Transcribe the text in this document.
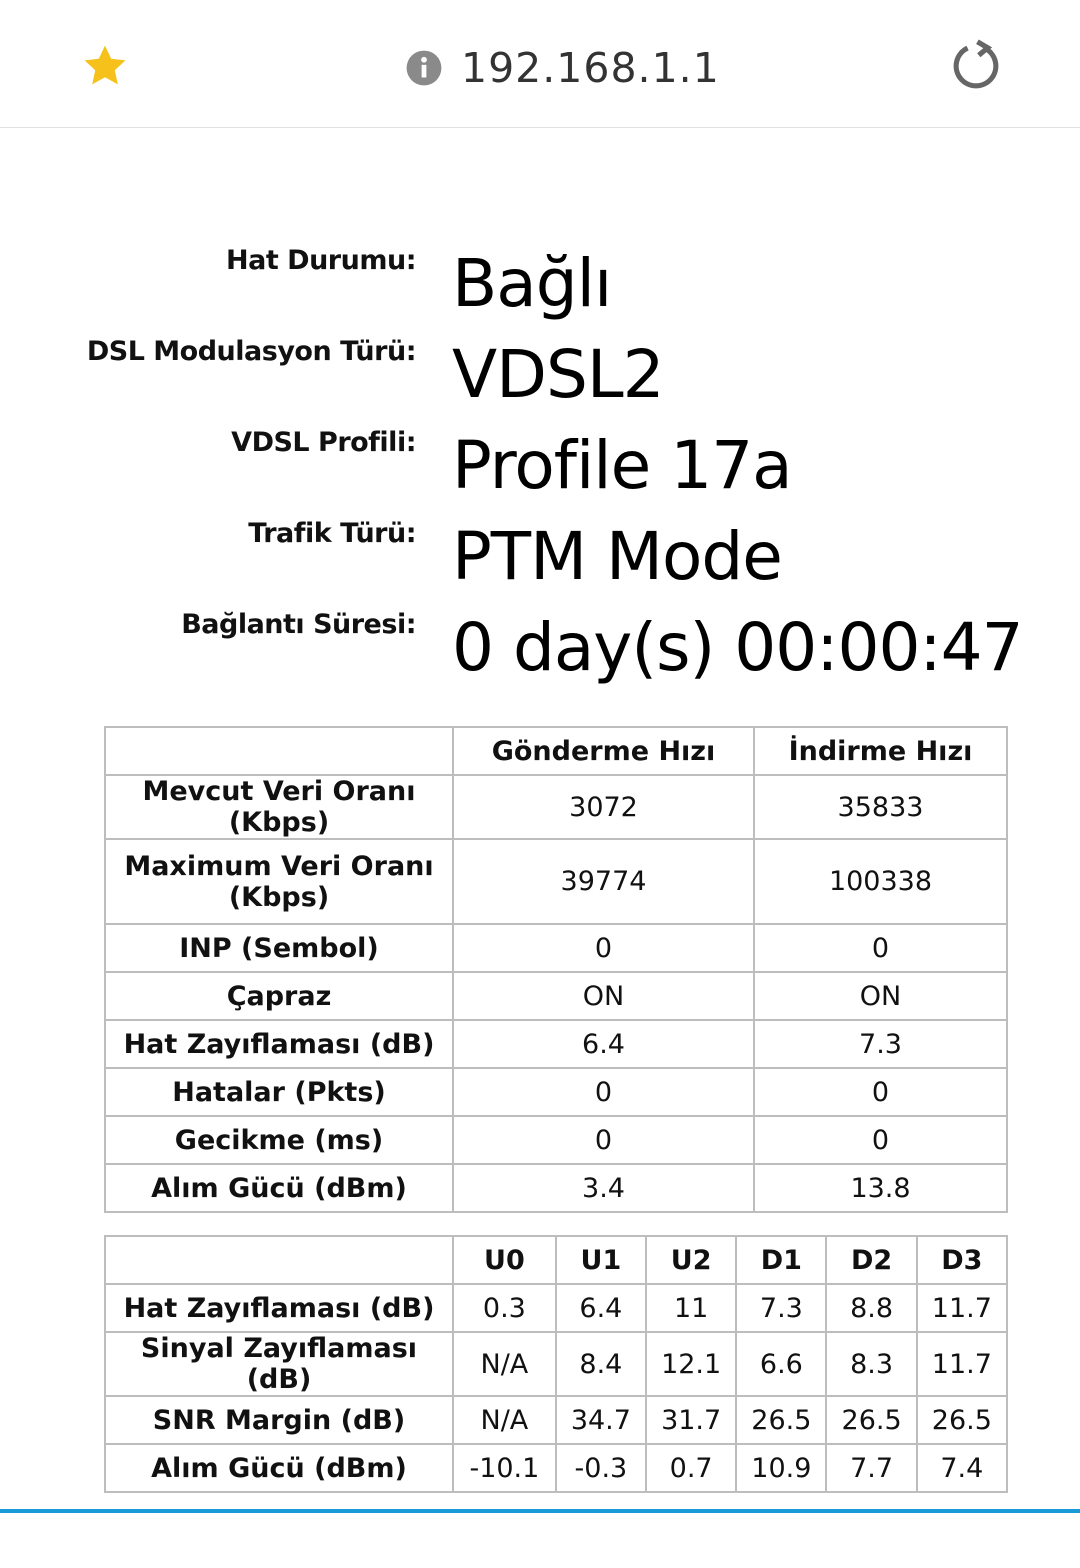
192.168.1.1
Hat Durumu: Bağlı
DSL Modulasyon Türü: VDSL2
VDSL Profili: Profile 17a
Trafik Türü: PTM Mode
Bağlantı Süresi: 0 day(s) 00:00:47
	Gönderme Hızı	İndirme Hızı
Mevcut Veri Oranı (Kbps)	3072	35833
Maximum Veri Oranı (Kbps)	39774	100338
INP (Sembol)	0	0
Çapraz	ON	ON
Hat Zayıflaması (dB)	6.4	7.3
Hatalar (Pkts)	0	0
Gecikme (ms)	0	0
Alım Gücü (dBm)	3.4	13.8
	U0	U1	U2	D1	D2	D3
Hat Zayıflaması (dB)	0.3	6.4	11	7.3	8.8	11.7
Sinyal Zayıflaması (dB)	N/A	8.4	12.1	6.6	8.3	11.7
SNR Margin (dB)	N/A	34.7	31.7	26.5	26.5	26.5
Alım Gücü (dBm)	-10.1	-0.3	0.7	10.9	7.7	7.4
